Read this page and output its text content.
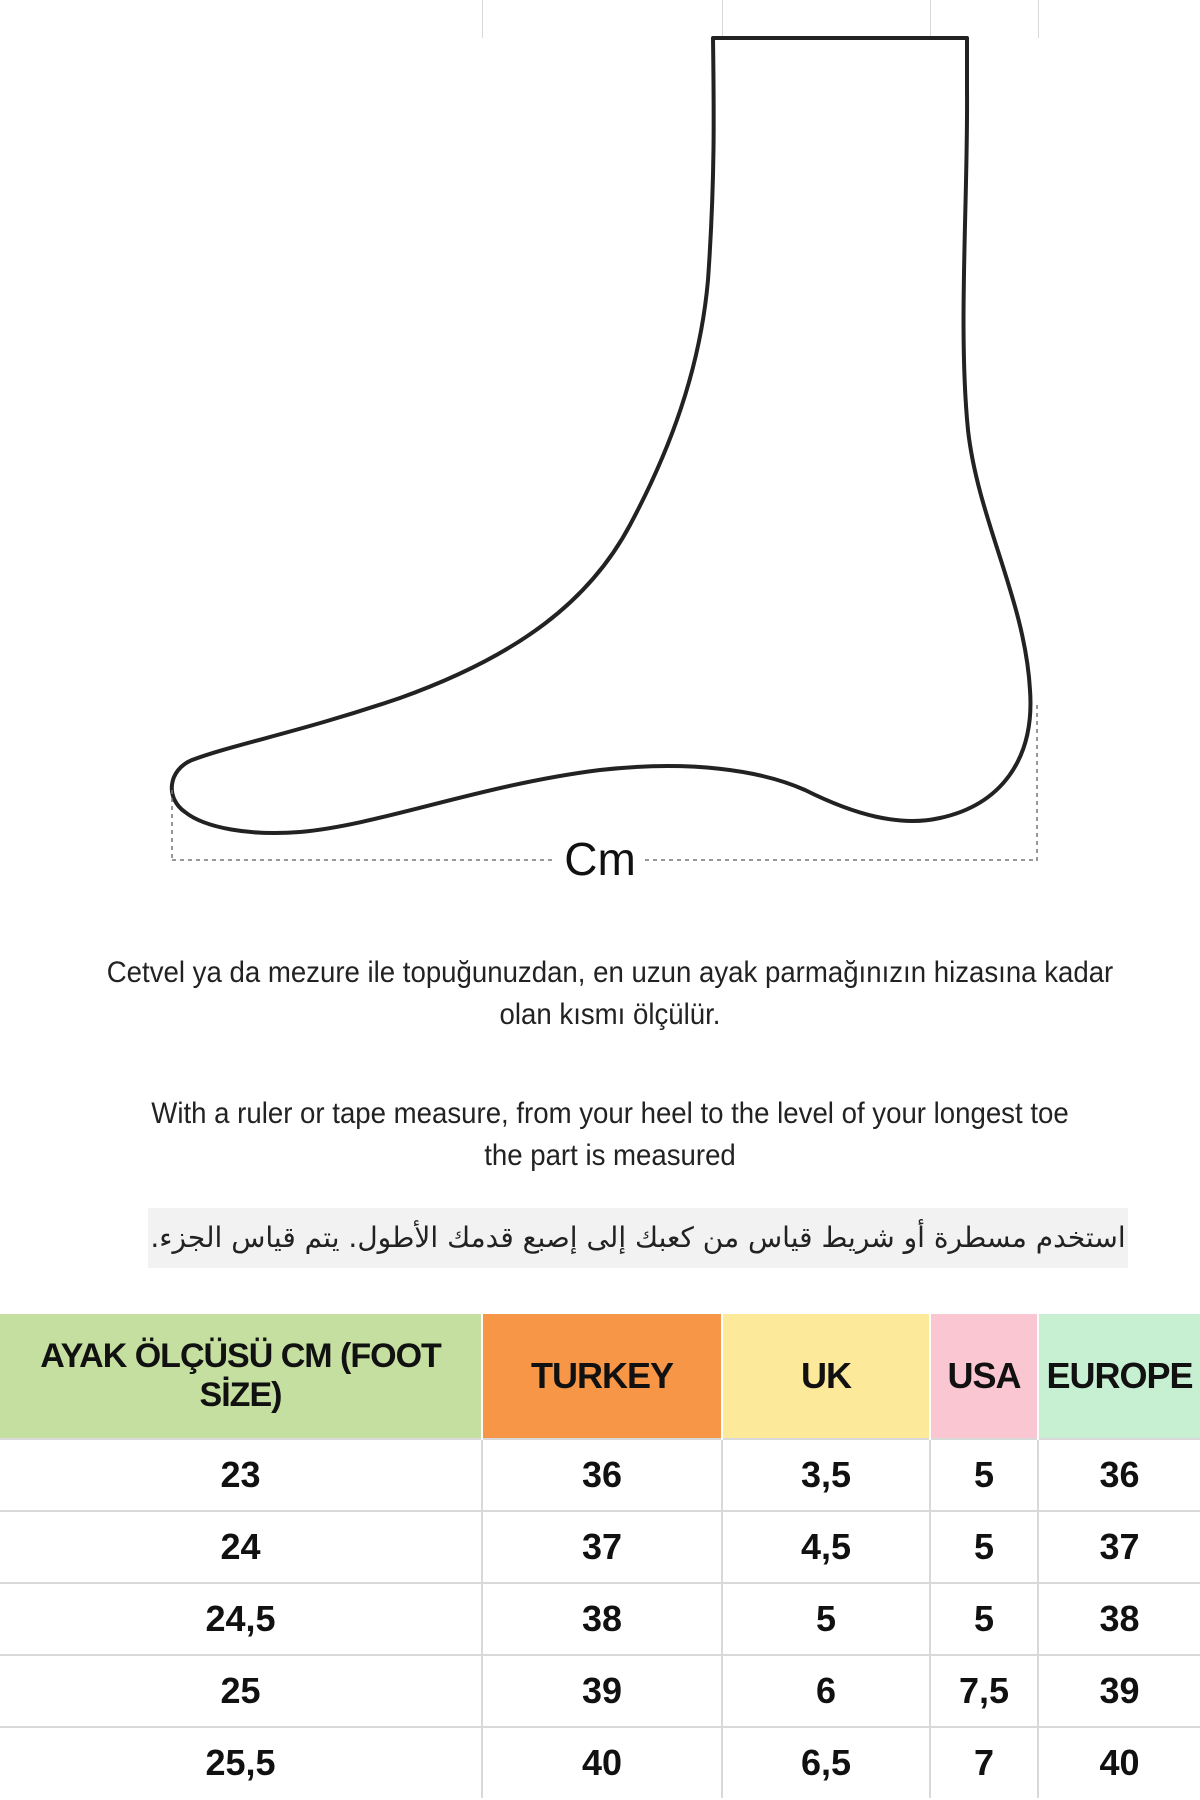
Cm
Cetvel ya da mezure ile topuğunuzdan, en uzun ayak parmağınızın hizasına kadar
olan kısmı ölçülür.
With a ruler or tape measure, from your heel to the level of your longest toe
the part is measured
استخدم مسطرة أو شريط قياس من كعبك إلى إصبع قدمك الأطول. يتم قياس الجزء.
AYAK ÖLÇÜSÜ CM (FOOT SİZE)	TURKEY	UK	USA	EUROPE
23	36	3,5	5	36
24	37	4,5	5	37
24,5	38	5	5	38
25	39	6	7,5	39
25,5	40	6,5	7	40
